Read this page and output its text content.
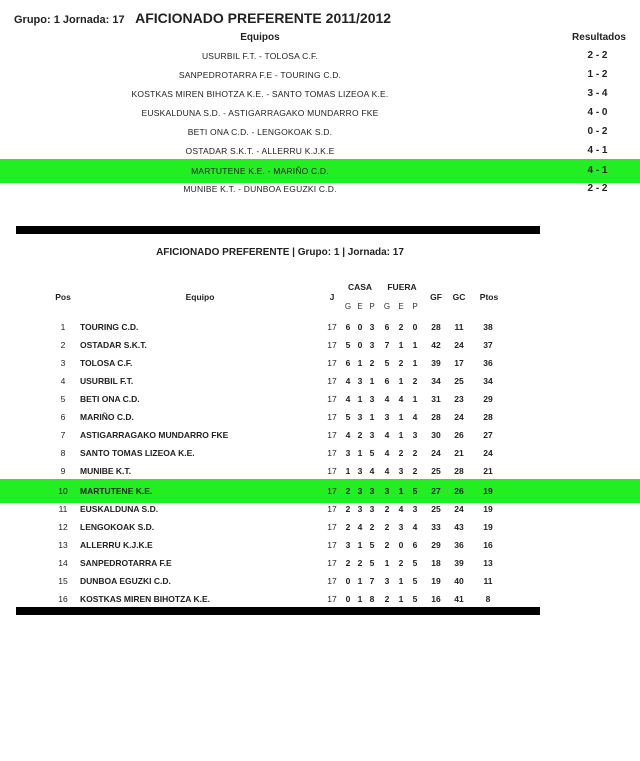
Grupo: 1 Jornada: 17 AFICIONADO PREFERENTE 2011/2012
Equipos	Resultados
USURBIL F.T. - TOLOSA C.F.	2 - 2
SANPEDROTARRA F.E - TOURING C.D.	1 - 2
KOSTKAS MIREN BIHOTZA K.E. - SANTO TOMAS LIZEOA K.E.	3 - 4
EUSKALDUNA S.D. - ASTIGARRAGAKO MUNDARRO FKE	4 - 0
BETI ONA C.D. - LENGOKOAK S.D.	0 - 2
OSTADAR S.K.T. - ALLERRU K.J.K.E	4 - 1
MARTUTENE K.E. - MARIÑO C.D.	4 - 1
MUNIBE K.T. - DUNBOA EGUZKI C.D.	2 - 2
AFICIONADO PREFERENTE | Grupo: 1 | Jornada: 17
Pos	Equipo	J
CASA	FUERA
G E P G E P
GF GC Ptos
1	TOURING C.D.	17	6 0 3	6	2	0	28	11	38
2	OSTADAR S.K.T.	17	5 0 3	7	1	1	42	24	37
3	TOLOSA C.F.	17	6 1 2	5	2	1	39	17	36
4	USURBIL F.T.	17	4 3 1	6	1	2	34	25	34
5	BETI ONA C.D.	17	4 1 3	4	4	1	31	23	29
6	MARIÑO C.D.	17	5 3 1	3	1	4	28	24	28
7	ASTIGARRAGAKO MUNDARRO FKE	17	4 2 3	4	1	3	30	26	27
8	SANTO TOMAS LIZEOA K.E.	17	3 1 5	4	2	2	24	21	24
9	MUNIBE K.T.	17	1 3 4	4	3	2	25	28	21
10	MARTUTENE K.E.	17	2 3 3	3	1	5	27	26	19
11	EUSKALDUNA S.D.	17	2 3 3	2	4	3	25	24	19
12	LENGOKOAK S.D.	17	2 4 2	2	3	4	33	43	19
13	ALLERRU K.J.K.E	17	3 1 5	2	0	6	29	36	16
14	SANPEDROTARRA F.E	17	2 2 5	1	2	5	18	39	13
15	DUNBOA EGUZKI C.D.	17	0 1 7	3	1	5	19	40	11
16	KOSTKAS MIREN BIHOTZA K.E.	17	0 1 8	2	1	5	16	41	8
